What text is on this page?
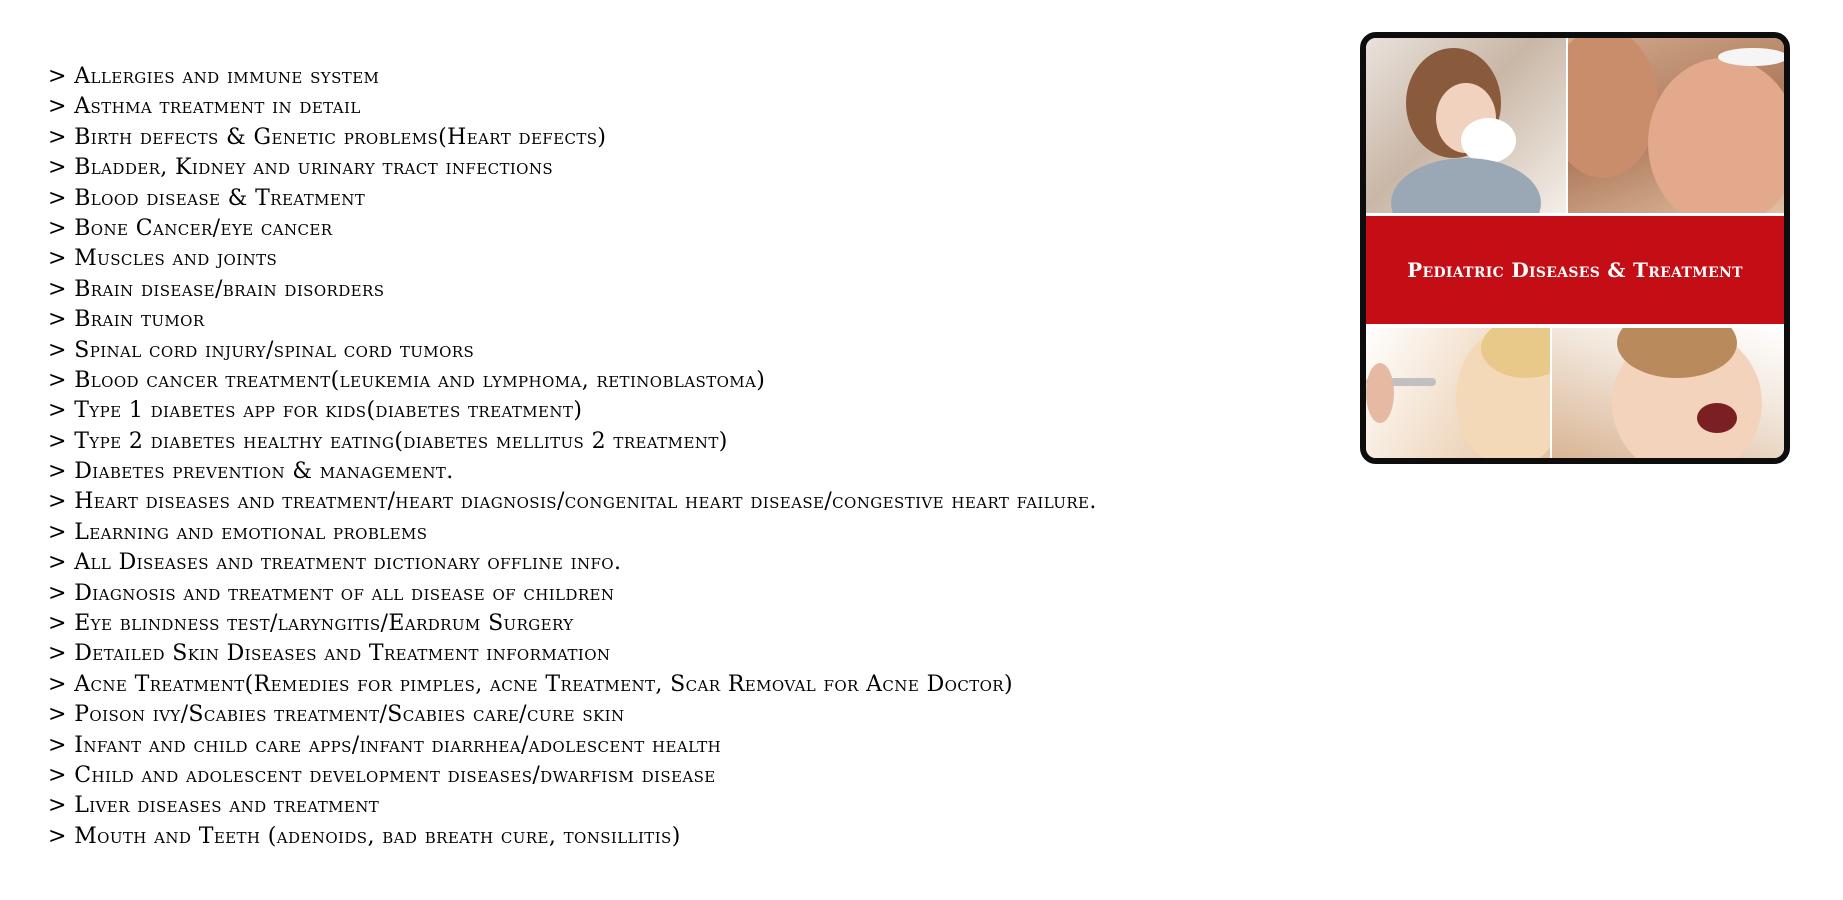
> Allergies and immune system
> Asthma treatment in detail
> Birth defects & Genetic problems(Heart defects)
> Bladder, Kidney and urinary tract infections
> Blood disease & Treatment
> Bone Cancer/eye cancer
> Muscles and joints
> Brain disease/brain disorders
> Brain tumor
> Spinal cord injury/spinal cord tumors
> Blood cancer treatment(leukemia and lymphoma, retinoblastoma)
> Type 1 diabetes app for kids(diabetes treatment)
> Type 2 diabetes healthy eating(diabetes mellitus 2 treatment)
> Diabetes prevention & management.
> Heart diseases and treatment/heart diagnosis/congenital heart disease/congestive heart failure.
> Learning and emotional problems
> All Diseases and treatment dictionary offline info.
> Diagnosis and treatment of all disease of children
> Eye blindness test/laryngitis/Eardrum Surgery
> Detailed Skin Diseases and Treatment information
> Acne Treatment(Remedies for pimples, acne Treatment, Scar Removal for Acne Doctor)
> Poison ivy/Scabies treatment/Scabies care/cure skin
> Infant and child care apps/infant diarrhea/adolescent health
> Child and adolescent development diseases/dwarfism disease
> Liver diseases and treatment
> Mouth and Teeth (adenoids, bad breath cure, tonsillitis)
Pediatric Diseases & Treatment
